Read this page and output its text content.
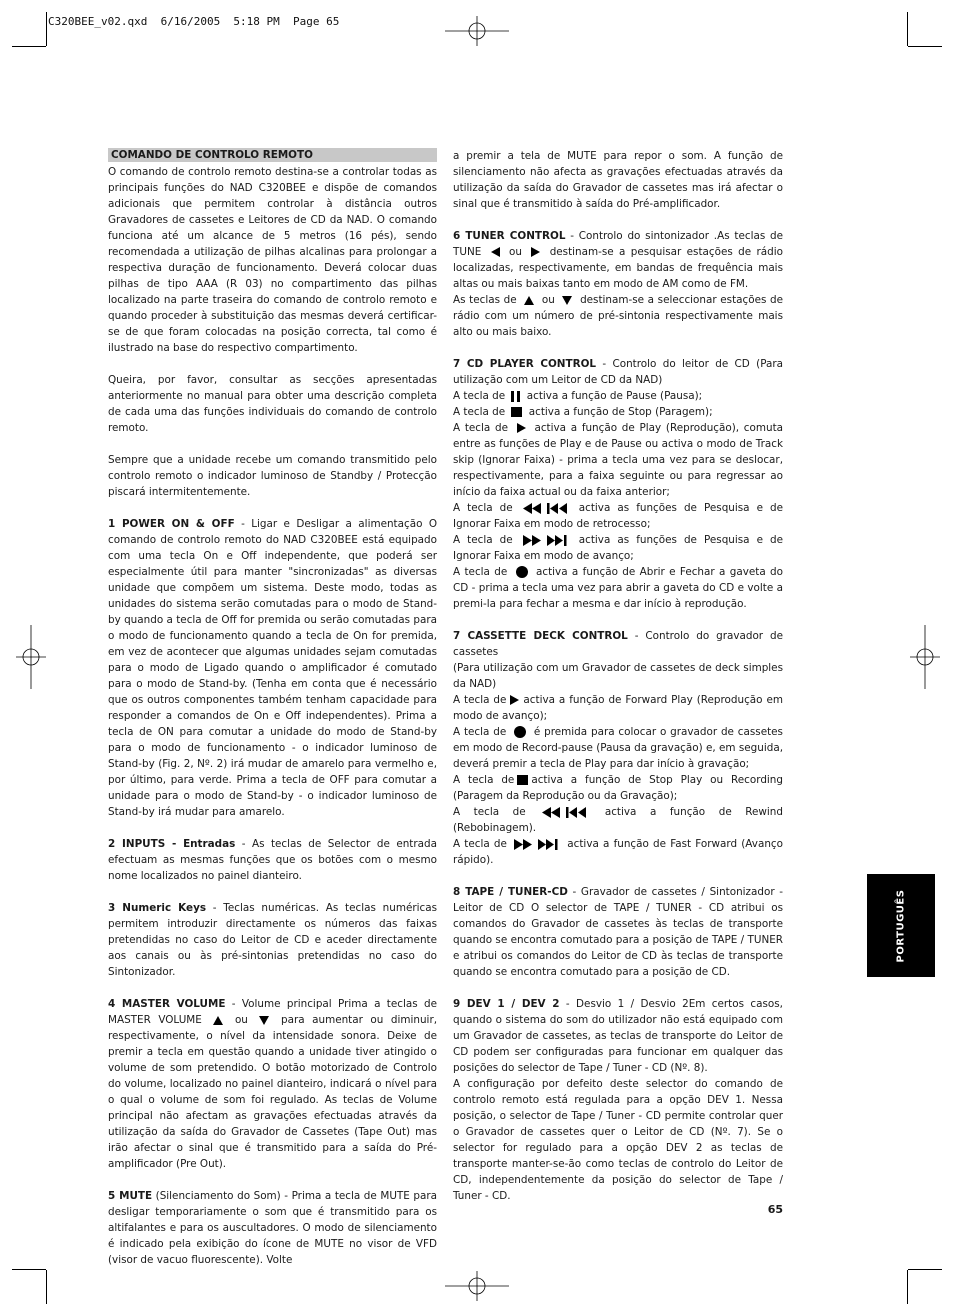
C320BEE_v02.qxd  6/16/2005  5:18 PM  Page 65
COMANDO DE CONTROLO REMOTO

O comando de controlo remoto destina-se a controlar todas as principais funções do NAD C320BEE e dispõe de comandos adicionais que permitem controlar à distância outros Gravadores de cassetes e Leitores de CD da NAD. O comando funciona até um alcance de 5 metros (16 pés), sendo recomendada a utilização de pilhas alcalinas para prolongar a respectiva duração de funcionamento. Deverá colocar duas pilhas de tipo AAA (R 03) no compartimento das pilhas localizado na parte traseira do comando de controlo remoto e quando proceder à substituição das mesmas deverá certificar-se de que foram colocadas na posição correcta, tal como é ilustrado na base do respectivo compartimento.

Queira, por favor, consultar as secções apresentadas anteriormente no manual para obter uma descrição completa de cada uma das funções individuais do comando de controlo remoto.

Sempre que a unidade recebe um comando transmitido pelo controlo remoto o indicador luminoso de Standby / Protecção piscará intermitentemente.

1 POWER ON & OFF - Ligar e Desligar a alimentação O comando de controlo remoto do NAD C320BEE está equipado com uma tecla On e Off independente, que poderá ser especialmente útil para manter "sincronizadas" as diversas unidade que compõem um sistema. Deste modo, todas as unidades do sistema serão comutadas para o modo de Stand-by quando a tecla de Off for premida ou serão comutadas para o modo de funcionamento quando a tecla de On for premida, em vez de acontecer que algumas unidades sejam comutadas para o modo de Ligado quando o amplificador é comutado para o modo de Stand-by. (Tenha em conta que é necessário que os outros componentes também tenham capacidade para responder a comandos de On e Off independentes). Prima a tecla de ON para comutar a unidade do modo de Stand-by para o modo de funcionamento - o indicador luminoso de Stand-by (Fig. 2, Nº. 2) irá mudar de amarelo para vermelho e, por último, para verde. Prima a tecla de OFF para comutar a unidade para o modo de Stand-by - o indicador luminoso de Stand-by irá mudar para amarelo.

2 INPUTS - Entradas - As teclas de Selector de entrada efectuam as mesmas funções que os botões com o mesmo nome localizados no painel dianteiro.

3 Numeric Keys - Teclas numéricas. As teclas numéricas permitem introduzir directamente os números das faixas pretendidas no caso do Leitor de CD e aceder directamente aos canais ou às pré-sintonias pretendidas no caso do Sintonizador.

4 MASTER VOLUME - Volume principal Prima a teclas de MASTER VOLUME	ou	para aumentar ou diminuir, respectivamente, o nível da intensidade sonora. Deixe de premir a tecla em questão quando a unidade tiver atingido o volume de som pretendido. O botão motorizado de Controlo do volume, localizado no painel dianteiro, indicará o nível para o qual o volume de som foi regulado. As teclas de Volume principal não afectam as gravações efectuadas através da utilização da saída do Gravador de Cassetes (Tape Out) mas irão afectar o sinal que é transmitido para a saída do Pré-amplificador (Pre Out).

5 MUTE (Silenciamento do Som) - Prima a tecla de MUTE para desligar temporariamente o som que é transmitido para os altifalantes e para os auscultadores. O modo de silenciamento é indicado pela exibição do ícone de MUTE no visor de VFD (visor de vacuo fluorescente). Volte

a premir a tela de MUTE para repor o som. A função de silenciamento não afecta as gravações efectuadas através da utilização da saída do Gravador de cassetes mas irá afectar o sinal que é transmitido à saída do Pré-amplificador.

6 TUNER CONTROL - Controlo do sintonizador .As teclas de TUNE	ou	destinam-se a pesquisar estações de rádio localizadas, respectivamente, em bandas de frequência mais altas ou mais baixas tanto em modo de AM como de FM.

As teclas de ou destinam-se a seleccionar estações de rádio com um número de pré-sintonia respectivamente mais alto ou mais baixo.

7 CD PLAYER CONTROL - Controlo do leitor de CD (Para utilização com um Leitor de CD da NAD)

A tecla de activa a função de Pause (Pausa);

A tecla de activa a função de Stop (Paragem);

A tecla de	activa a função de Play (Reprodução), comuta entre as funções de Play e de Pause ou activa o modo de Track skip (Ignorar Faixa) - prima a tecla uma vez para se deslocar, respectivamente, para a faixa seguinte ou para regressar ao início da faixa actual ou da faixa anterior;

A tecla de	activa as funções de Pesquisa e de Ignorar Faixa em modo de retrocesso;

A tecla de	activa as funções de Pesquisa e de Ignorar Faixa em modo de avanço;

A tecla de	activa a função de Abrir e Fechar a gaveta do CD - prima a tecla uma vez para abrir a gaveta do CD e volte a premi-la para fechar a mesma e dar início à reprodução.

7 CASSETTE DECK CONTROL - Controlo do gravador de cassetes

(Para utilização com um Gravador de cassetes de deck simples da NAD)

A tecla de activa a função de Forward Play (Reprodução em modo de avanço);

A tecla de	é premida para colocar o gravador de cassetes em modo de Record-pause (Pausa da gravação) e, em seguida, deverá premir a tecla de Play para dar início à gravação;

A tecla de activa a função de Stop Play ou Recording (Paragem da Reprodução ou da Gravação);

A tecla de	activa a função de Rewind (Rebobinagem).

A tecla de	activa a função de Fast Forward (Avanço rápido).

8 TAPE / TUNER-CD - Gravador de cassetes / Sintonizador - Leitor de CD O selector de TAPE / TUNER - CD atribui os comandos do Gravador de cassetes às teclas de transporte quando se encontra comutado para a posição de TAPE / TUNER e atribui os comandos do Leitor de CD às teclas de transporte quando se encontra comutado para a posição de CD.

9 DEV 1 / DEV 2 - Desvio 1 / Desvio 2Em certos casos, quando o sistema do som do utilizador não está equipado com um Gravador de cassetes, as teclas de transporte do Leitor de CD podem ser configuradas para funcionar em qualquer das posições do selector de Tape / Tuner - CD (Nº. 8).

A configuração por defeito deste selector do comando de controlo remoto está regulada para a opção DEV 1. Nessa posição, o selector de Tape / Tuner - CD permite controlar quer o Gravador de cassetes quer o Leitor de CD (Nº. 7). Se o selector for regulado para a opção DEV 2 as teclas de transporte manter-se-ão como teclas de controlo do Leitor de CD, independentemente da posição do selector de Tape / Tuner - CD.

PORTUGUÊS
65
